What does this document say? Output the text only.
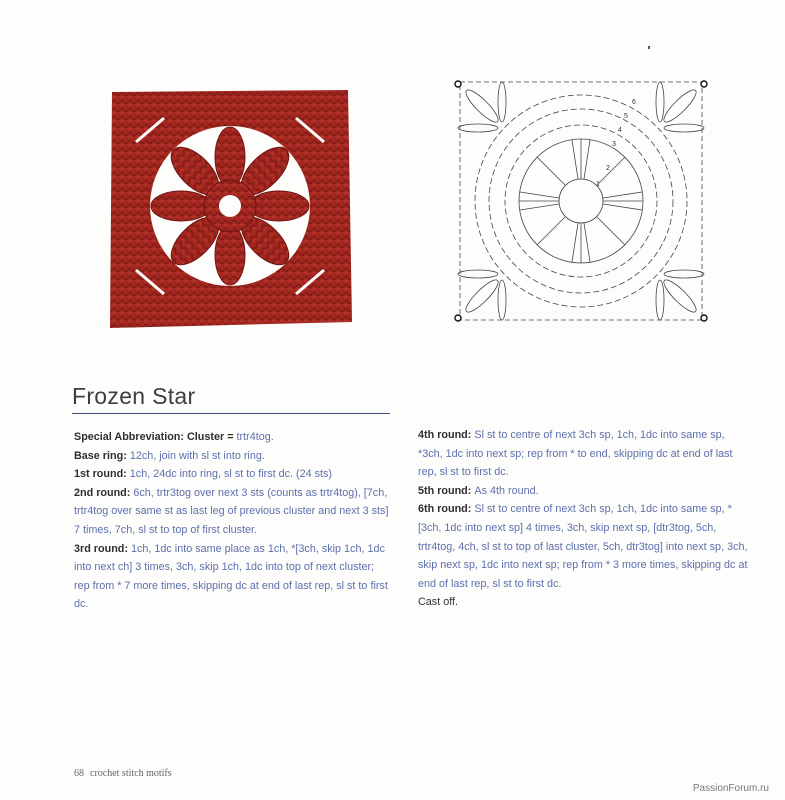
6
5
4
3
2
1
Frozen Star

Special Abbreviation: Cluster = trtr4tog.

Base ring: 12ch, join with sl st into ring.

1st round: 1ch, 24dc into ring, sl st to first dc. (24 sts)

2nd round: 6ch, trtr3tog over next 3 sts (counts as trtr4tog), [7ch, trtr4tog over same st as last leg of previous cluster and next 3 sts] 7 times, 7ch, sl st to top of first cluster.

3rd round: 1ch, 1dc into same place as 1ch, *[3ch, skip 1ch, 1dc into next ch] 3 times, 3ch, skip 1ch, 1dc into top of next cluster; rep from * 7 more times, skipping dc at end of last rep, sl st to first dc.

4th round: Sl st to centre of next 3ch sp, 1ch, 1dc into same sp, *3ch, 1dc into next sp; rep from * to end, skipping dc at end of last rep, sl st to first dc.

5th round: As 4th round.

6th round: Sl st to centre of next 3ch sp, 1ch, 1dc into same sp, *[3ch, 1dc into next sp] 4 times, 3ch, skip next sp, [dtr3tog, 5ch, trtr4tog, 4ch, sl st to top of last cluster, 5ch, dtr3tog] into next sp, 3ch, skip next sp, 1dc into next sp; rep from * 3 more times, skipping dc at end of last rep, sl st to first dc.

Cast off.

68 crochet stitch motifs
PassionForum.ru
